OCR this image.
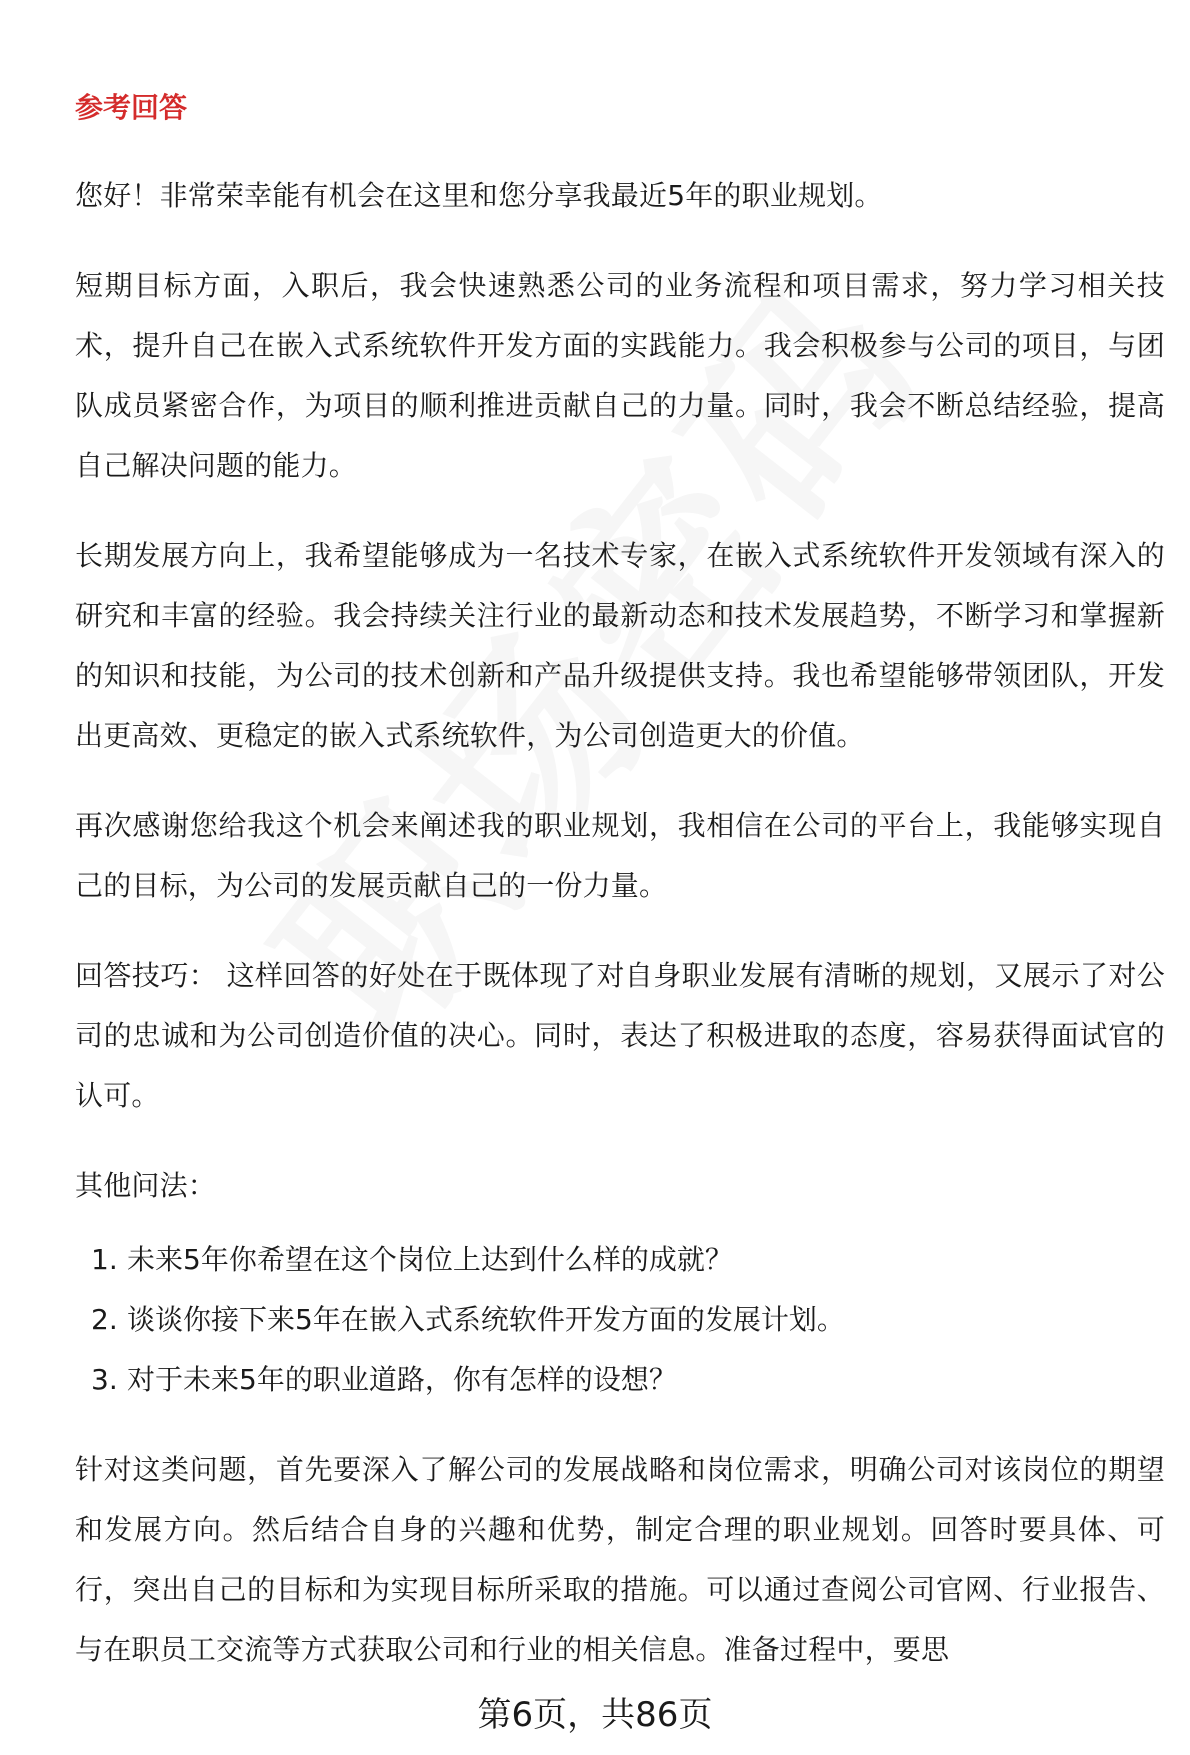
参考回答

您好！非常荣幸能有机会在这里和您分享我最近5年的职业规划。

短期目标方面，入职后，我会快速熟悉公司的业务流程和项目需求，努力学习相关技术，提升自己在嵌入式系统软件开发方面的实践能力。我会积极参与公司的项目，与团队成员紧密合作，为项目的顺利推进贡献自己的力量。同时，我会不断总结经验，提高自己解决问题的能力。

长期发展方向上，我希望能够成为一名技术专家，在嵌入式系统软件开发领域有深入的研究和丰富的经验。我会持续关注行业的最新动态和技术发展趋势，不断学习和掌握新的知识和技能，为公司的技术创新和产品升级提供支持。我也希望能够带领团队，开发出更高效、更稳定的嵌入式系统软件，为公司创造更大的价值。

再次感谢您给我这个机会来阐述我的职业规划，我相信在公司的平台上，我能够实现自己的目标，为公司的发展贡献自己的一份力量。

回答技巧： 这样回答的好处在于既体现了对自身职业发展有清晰的规划，又展示了对公司的忠诚和为公司创造价值的决心。同时，表达了积极进取的态度，容易获得面试官的认可。

其他问法：

1. 未来5年你希望在这个岗位上达到什么样的成就？
2. 谈谈你接下来5年在嵌入式系统软件开发方面的发展计划。
3. 对于未来5年的职业道路，你有怎样的设想？

针对这类问题，首先要深入了解公司的发展战略和岗位需求，明确公司对该岗位的期望和发展方向。然后结合自身的兴趣和优势，制定合理的职业规划。回答时要具体、可行，突出自己的目标和为实现目标所采取的措施。可以通过查阅公司官网、行业报告、与在职员工交流等方式获取公司和行业的相关信息。准备过程中，要思

第6页，共86页
